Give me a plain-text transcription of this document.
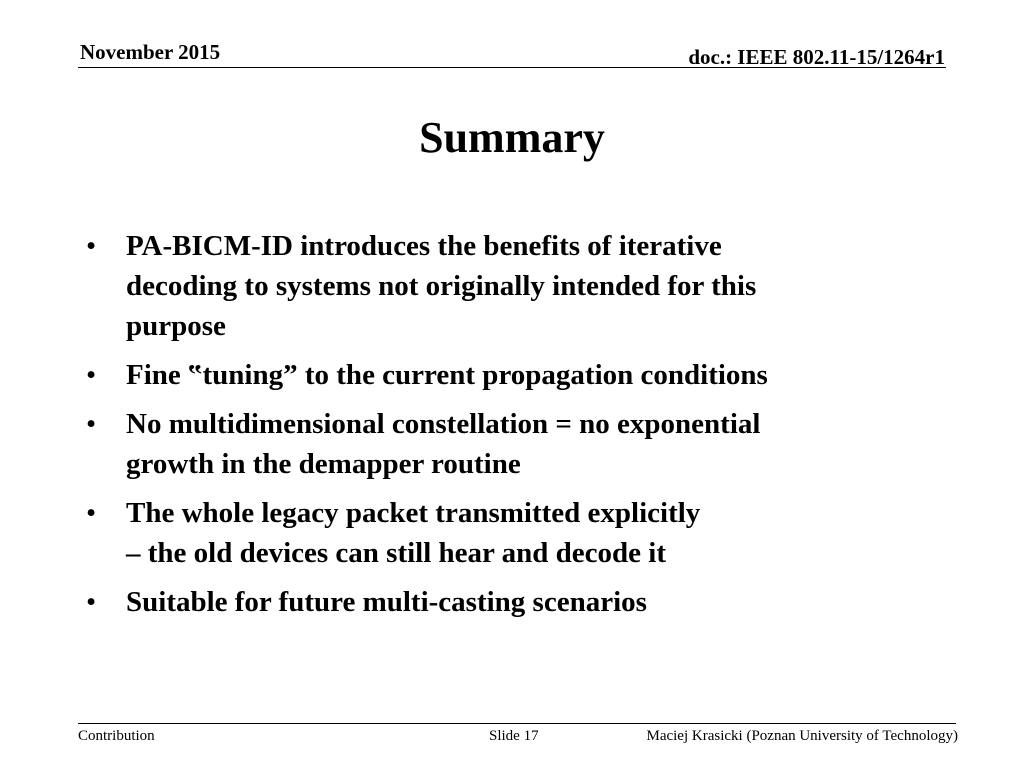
November 2015	doc.: IEEE 802.11-15/1264r1
Summary
• PA-BICM-ID introduces the benefits of iterative
decoding to systems not originally intended for this
purpose
• Fine ‟tuning” to the current propagation conditions
• No multidimensional constellation = no exponential
growth in the demapper routine
• The whole legacy packet transmitted explicitly
– the old devices can still hear and decode it
• Suitable for future multi-casting scenarios
Contribution	Slide 17	Maciej Krasicki (Poznan University of Technology)
